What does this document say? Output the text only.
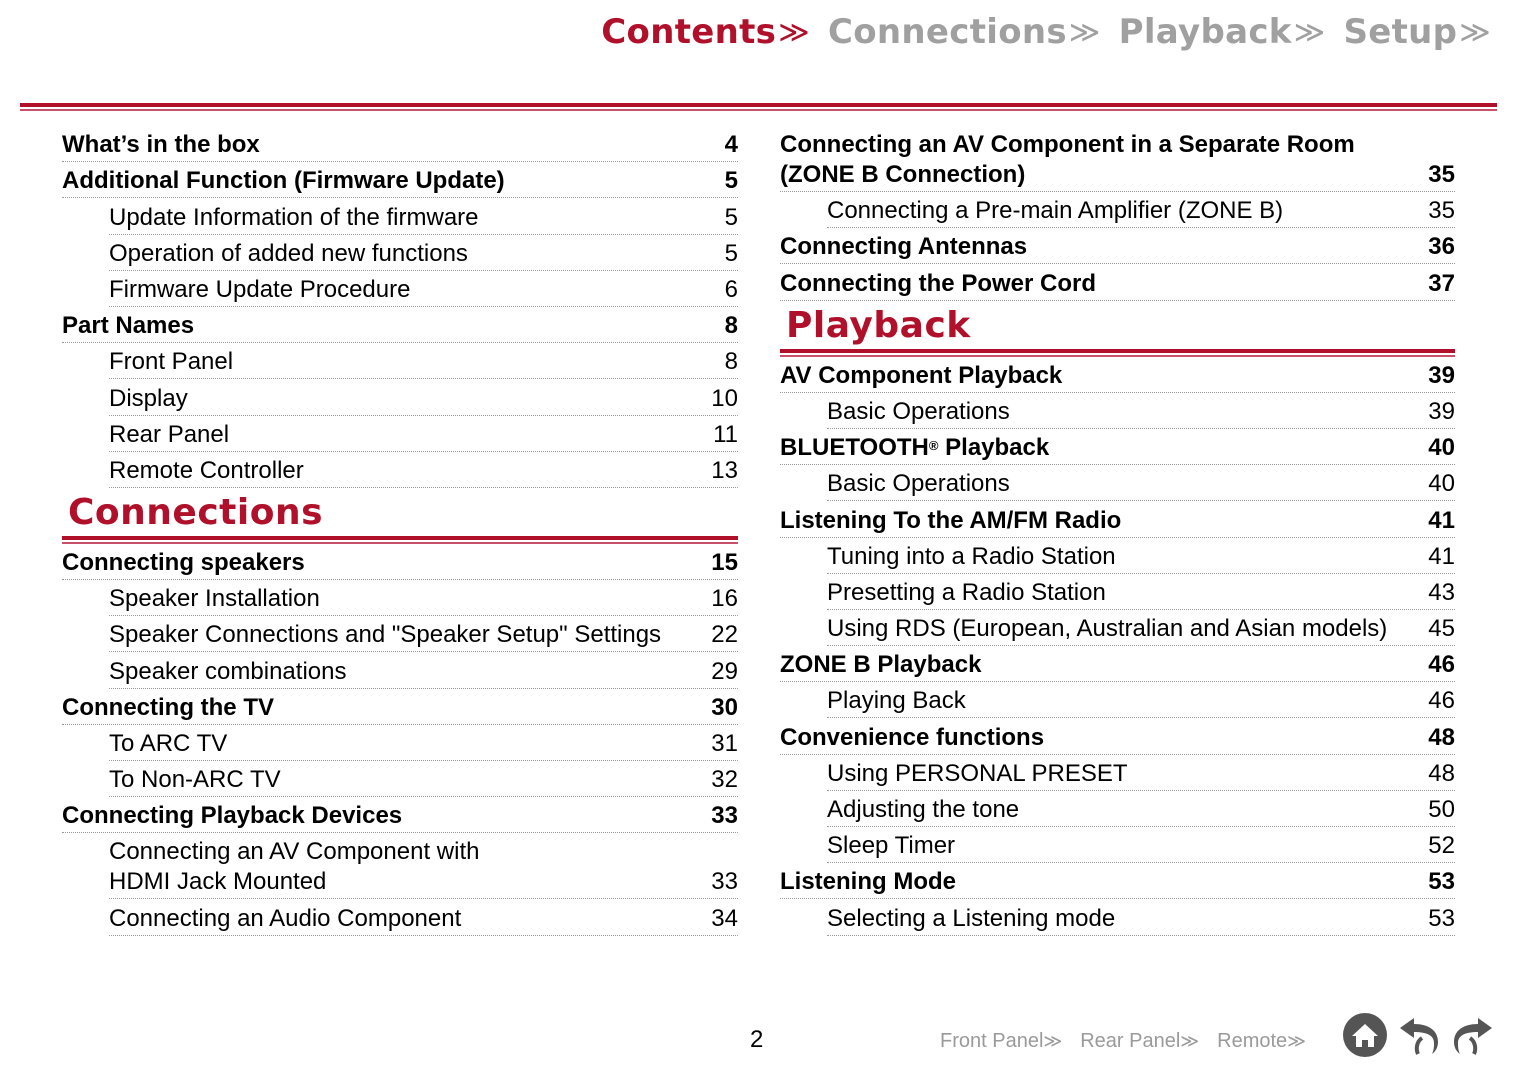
Contents ≫ Connections ≫ Playback ≫ Setup ≫
What’s in the box	4
Additional Function (Firmware Update)	5
Update Information of the firmware	5
Operation of added new functions	5
Firmware Update Procedure	6
Part Names	8
Front Panel	8
Display	10
Rear Panel	11
Remote Controller	13
Connections
Connecting speakers	15
Speaker Installation	16
Speaker Connections and "Speaker Setup" Settings 22
Speaker combinations	29
Connecting the TV	30
To ARC TV	31
To Non-ARC TV	32
Connecting Playback Devices	33
Connecting an AV Component with
HDMI Jack Mounted	33
Connecting an Audio Component	34
Connecting an AV Component in a Separate Room
(ZONE B Connection)	35
Connecting a Pre-main Amplifier (ZONE B)	35
Connecting Antennas	36
Connecting the Power Cord	37
Playback
AV Component Playback	39
Basic Operations	39
BLUETOOTH® Playback	40
Basic Operations	40
Listening To the AM/FM Radio	41
Tuning into a Radio Station	41
Presetting a Radio Station	43
Using RDS (European, Australian and Asian models) 45
ZONE B Playback	46
Playing Back	46
Convenience functions	48
Using PERSONAL PRESET	48
Adjusting the tone	50
Sleep Timer	52
Listening Mode	53
Selecting a Listening mode	53
2	Front Panel≫ Rear Panel≫ Remote≫
